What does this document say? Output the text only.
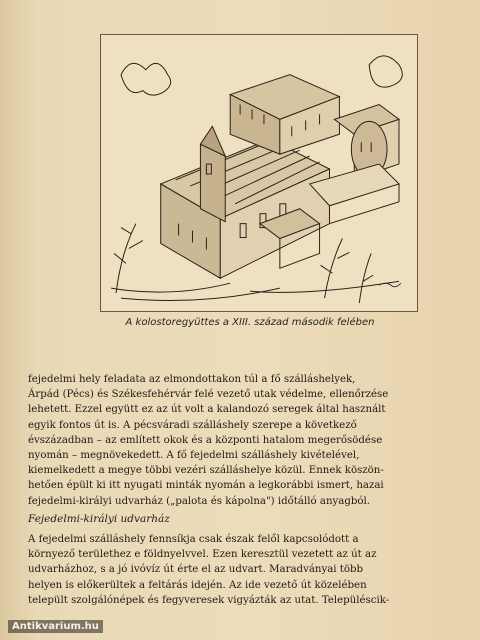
A kolostoregyüttes a XIII. század második felében
fejedelmi hely feladata az elmondottakon túl a fő szálláshelyek,
Árpád (Pécs) és Székesfehérvár felé vezető utak védelme, ellenőrzése
lehetett. Ezzel együtt ez az út volt a kalandozó seregek által használt
egyik fontos út is. A pécsváradi szálláshely szerepe a következő
évszázadban – az említett okok és a központi hatalom megerősödése
nyomán – megnövekedett. A fő fejedelmi szálláshely kivételével,
kiemelkedett a megye többi vezéri szálláshelye közül. Ennek köszön-
hetően épült ki itt nyugati minták nyomán a legkorábbi ismert, hazai
fejedelmi-királyi udvarház („palota és kápolna") időtálló anyagból.
Fejedelmi-királyi udvarház
A fejedelmi szálláshely fennsíkja csak észak felől kapcsolódott a
környező területhez e földnyelvvel. Ezen keresztül vezetett az út az
udvarházhoz, s a jó ivóvíz út érte el az udvart. Maradványai több
helyen is előkerültek a feltárás idején. Az ide vezető út közelében
települt szolgálónépek és fegyveresek vigyázták az utat. Településcik-
Antikvarium.hu
